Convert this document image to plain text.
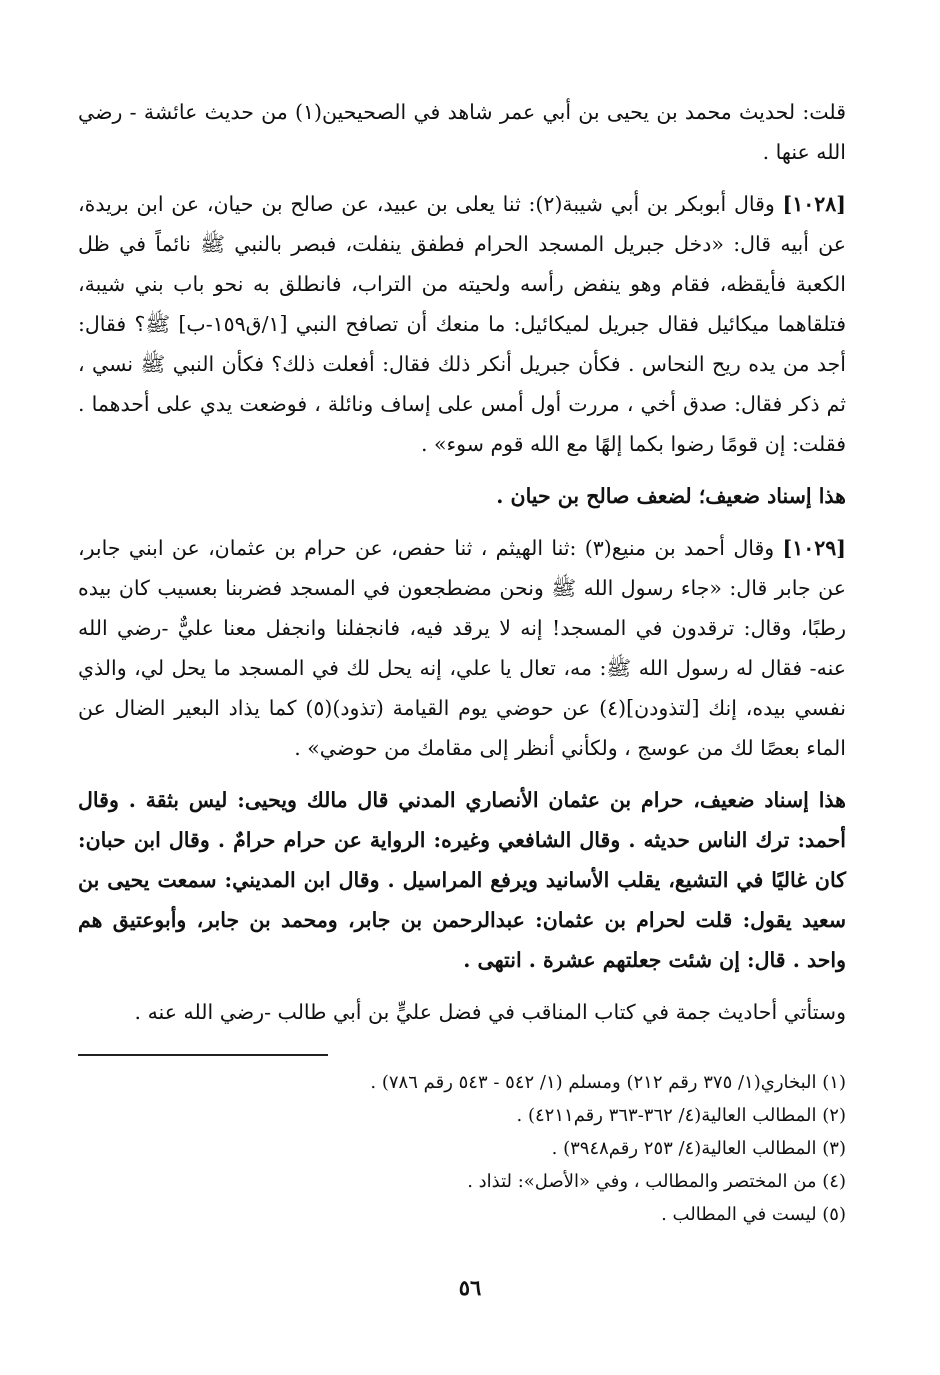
قلت: لحديث محمد بن يحيى بن أبي عمر شاهد في الصحيحين(١) من حديث عائشة - رضي الله عنها .

[١٠٢٨] وقال أبوبكر بن أبي شيبة(٢): ثنا يعلى بن عبيد، عن صالح بن حيان، عن ابن بريدة، عن أبيه قال: «دخل جبريل المسجد الحرام فطفق ينفلت، فبصر بالنبي ﷺ نائماً في ظل الكعبة فأيقظه، فقام وهو ينفض رأسه ولحيته من التراب، فانطلق به نحو باب بني شيبة، فتلقاهما ميكائيل فقال جبريل لميكائيل: ما منعك أن تصافح النبي [١/ق١٥٩-ب] ﷺ؟ فقال: أجد من يده ريح النحاس . فكأن جبريل أنكر ذلك فقال: أفعلت ذلك؟ فكأن النبي ﷺ نسي ، ثم ذكر فقال: صدق أخي ، مررت أول أمس على إساف ونائلة ، فوضعت يدي على أحدهما . فقلت: إن قومًا رضوا بكما إلهًا مع الله قوم سوء» .

هذا إسناد ضعيف؛ لضعف صالح بن حيان .

[١٠٢٩] وقال أحمد بن منيع(٣) :ثنا الهيثم ، ثنا حفص، عن حرام بن عثمان، عن ابني جابر، عن جابر قال: «جاء رسول الله ﷺ ونحن مضطجعون في المسجد فضربنا بعسيب كان بيده رطبًا، وقال: ترقدون في المسجد! إنه لا يرقد فيه، فانجفلنا وانجفل معنا عليٌّ -رضي الله عنه- فقال له رسول الله ﷺ: مه، تعال يا علي، إنه يحل لك في المسجد ما يحل لي، والذي نفسي بيده، إنك [لتذودن](٤) عن حوضي يوم القيامة (تذود)(٥) كما يذاد البعير الضال عن الماء بعصًا لك من عوسج ، ولكأني أنظر إلى مقامك من حوضي» .

هذا إسناد ضعيف، حرام بن عثمان الأنصاري المدني قال مالك ويحيى: ليس بثقة . وقال أحمد: ترك الناس حديثه . وقال الشافعي وغيره: الرواية عن حرام حرامٌ . وقال ابن حبان: كان غاليًا في التشيع، يقلب الأسانيد ويرفع المراسيل . وقال ابن المديني: سمعت يحيى بن سعيد يقول: قلت لحرام بن عثمان: عبدالرحمن بن جابر، ومحمد بن جابر، وأبوعتيق هم واحد . قال: إن شئت جعلتهم عشرة . انتهى .

وستأتي أحاديث جمة في كتاب المناقب في فضل عليٍّ بن أبي طالب -رضي الله عنه .

(١) البخاري(١/ ٣٧٥ رقم ٢١٢) ومسلم (١/ ٥٤٢ - ٥٤٣ رقم ٧٨٦) .

(٢) المطالب العالية(٤/ ٣٦٢-٣٦٣ رقم٤٢١١) .

(٣) المطالب العالية(٤/ ٢٥٣ رقم٣٩٤٨) .

(٤) من المختصر والمطالب ، وفي «الأصل»: لتذاد .

(٥) ليست في المطالب .

٥٦
